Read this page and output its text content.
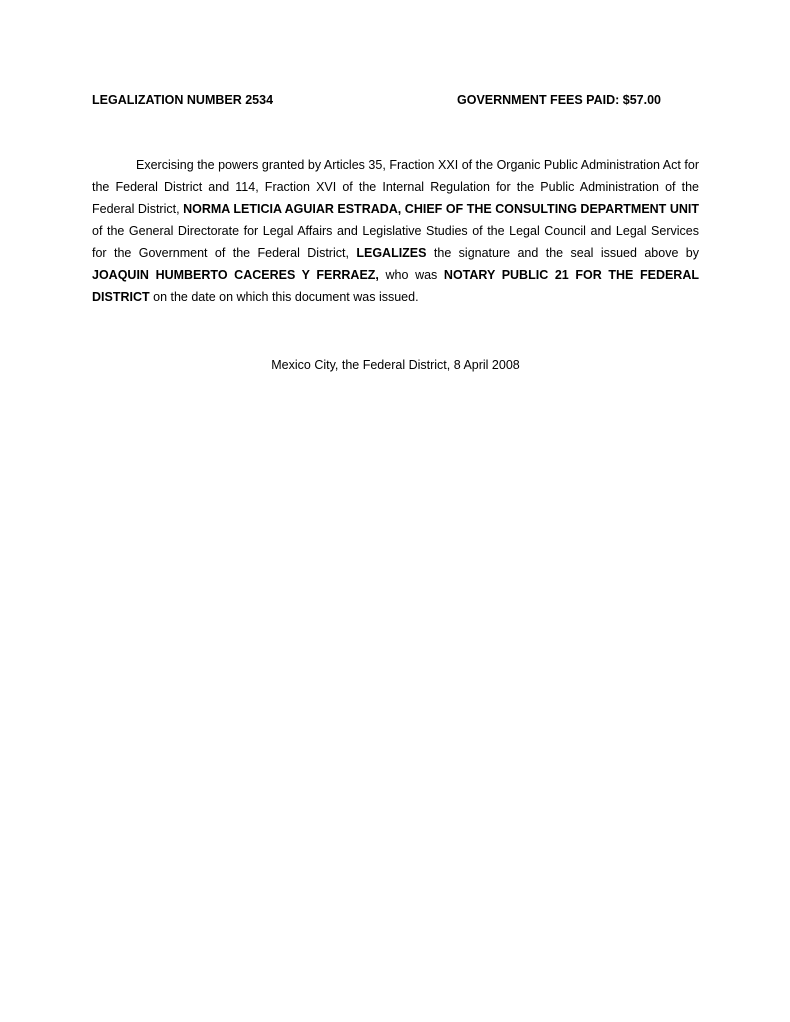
LEGALIZATION NUMBER 2534	GOVERNMENT FEES PAID: $57.00

Exercising the powers granted by Articles 35, Fraction XXI of the Organic Public Administration Act for the Federal District and 114, Fraction XVI of the Internal Regulation for the Public Administration of the Federal District, NORMA LETICIA AGUIAR ESTRADA, CHIEF OF THE CONSULTING DEPARTMENT UNIT of the General Directorate for Legal Affairs and Legislative Studies of the Legal Council and Legal Services for the Government of the Federal District, LEGALIZES the signature and the seal issued above by JOAQUIN HUMBERTO CACERES Y FERRAEZ, who was NOTARY PUBLIC 21 FOR THE FEDERAL DISTRICT on the date on which this document was issued.

Mexico City, the Federal District, 8 April 2008
